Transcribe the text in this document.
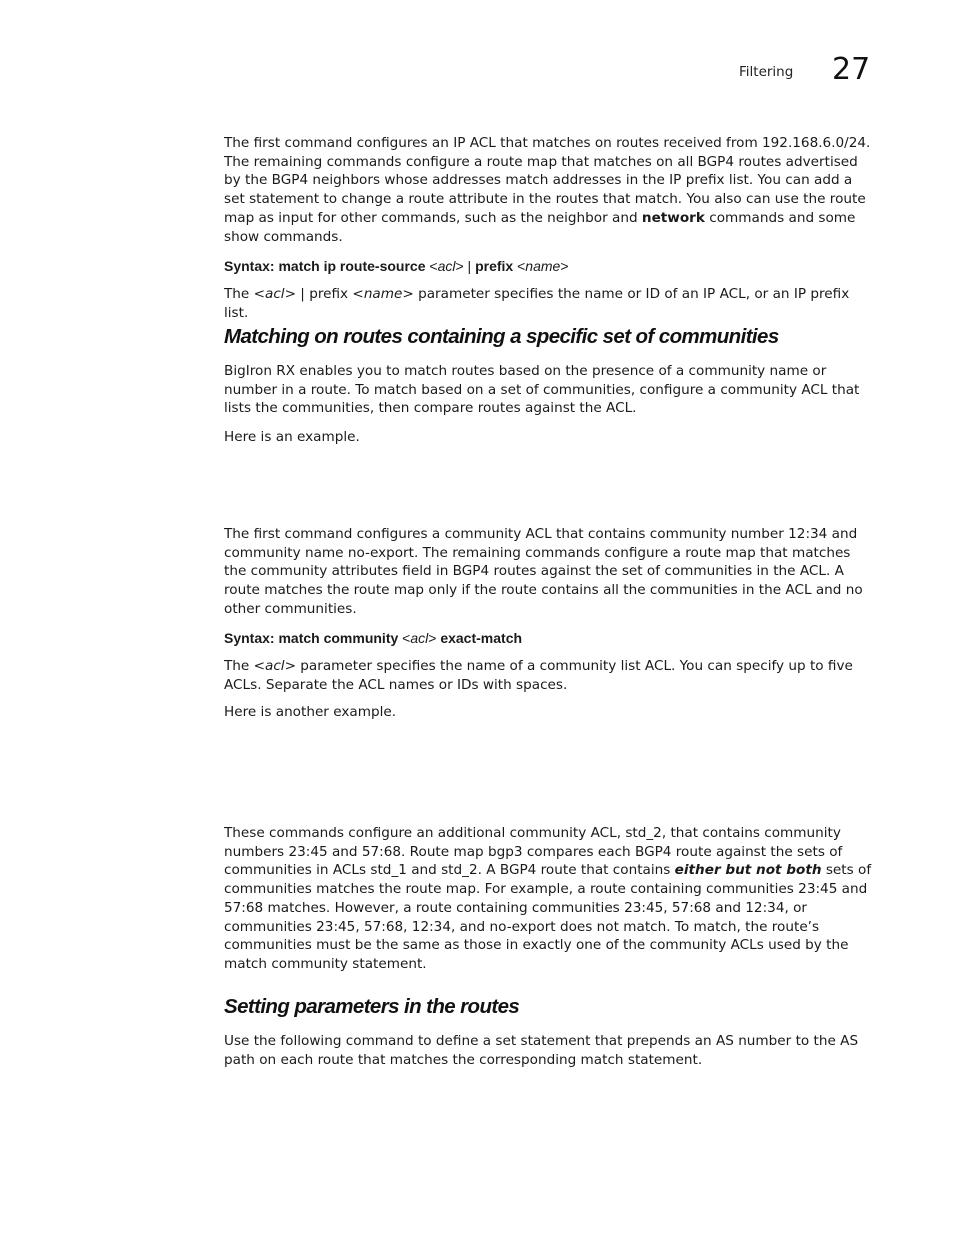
Filtering 27

The first command configures an IP ACL that matches on routes received from 192.168.6.0/24. The remaining commands configure a route map that matches on all BGP4 routes advertised by the BGP4 neighbors whose addresses match addresses in the IP prefix list. You can add a set statement to change a route attribute in the routes that match. You also can use the route map as input for other commands, such as the neighbor and network commands and some show commands.

Syntax: match ip route-source <acl> | prefix <name>

The <acl> | prefix <name> parameter specifies the name or ID of an IP ACL, or an IP prefix list.

Matching on routes containing a specific set of communities

BigIron RX enables you to match routes based on the presence of a community name or number in a route. To match based on a set of communities, configure a community ACL that lists the communities, then compare routes against the ACL.

Here is an example.

The first command configures a community ACL that contains community number 12:34 and community name no-export. The remaining commands configure a route map that matches the community attributes field in BGP4 routes against the set of communities in the ACL. A route matches the route map only if the route contains all the communities in the ACL and no other communities.

Syntax: match community <acl> exact-match

The <acl> parameter specifies the name of a community list ACL. You can specify up to five ACLs. Separate the ACL names or IDs with spaces.

Here is another example.

These commands configure an additional community ACL, std_2, that contains community numbers 23:45 and 57:68. Route map bgp3 compares each BGP4 route against the sets of communities in ACLs std_1 and std_2. A BGP4 route that contains either but not both sets of communities matches the route map. For example, a route containing communities 23:45 and 57:68 matches. However, a route containing communities 23:45, 57:68 and 12:34, or communities 23:45, 57:68, 12:34, and no-export does not match. To match, the route’s communities must be the same as those in exactly one of the community ACLs used by the match community statement.

Setting parameters in the routes

Use the following command to define a set statement that prepends an AS number to the AS path on each route that matches the corresponding match statement.
